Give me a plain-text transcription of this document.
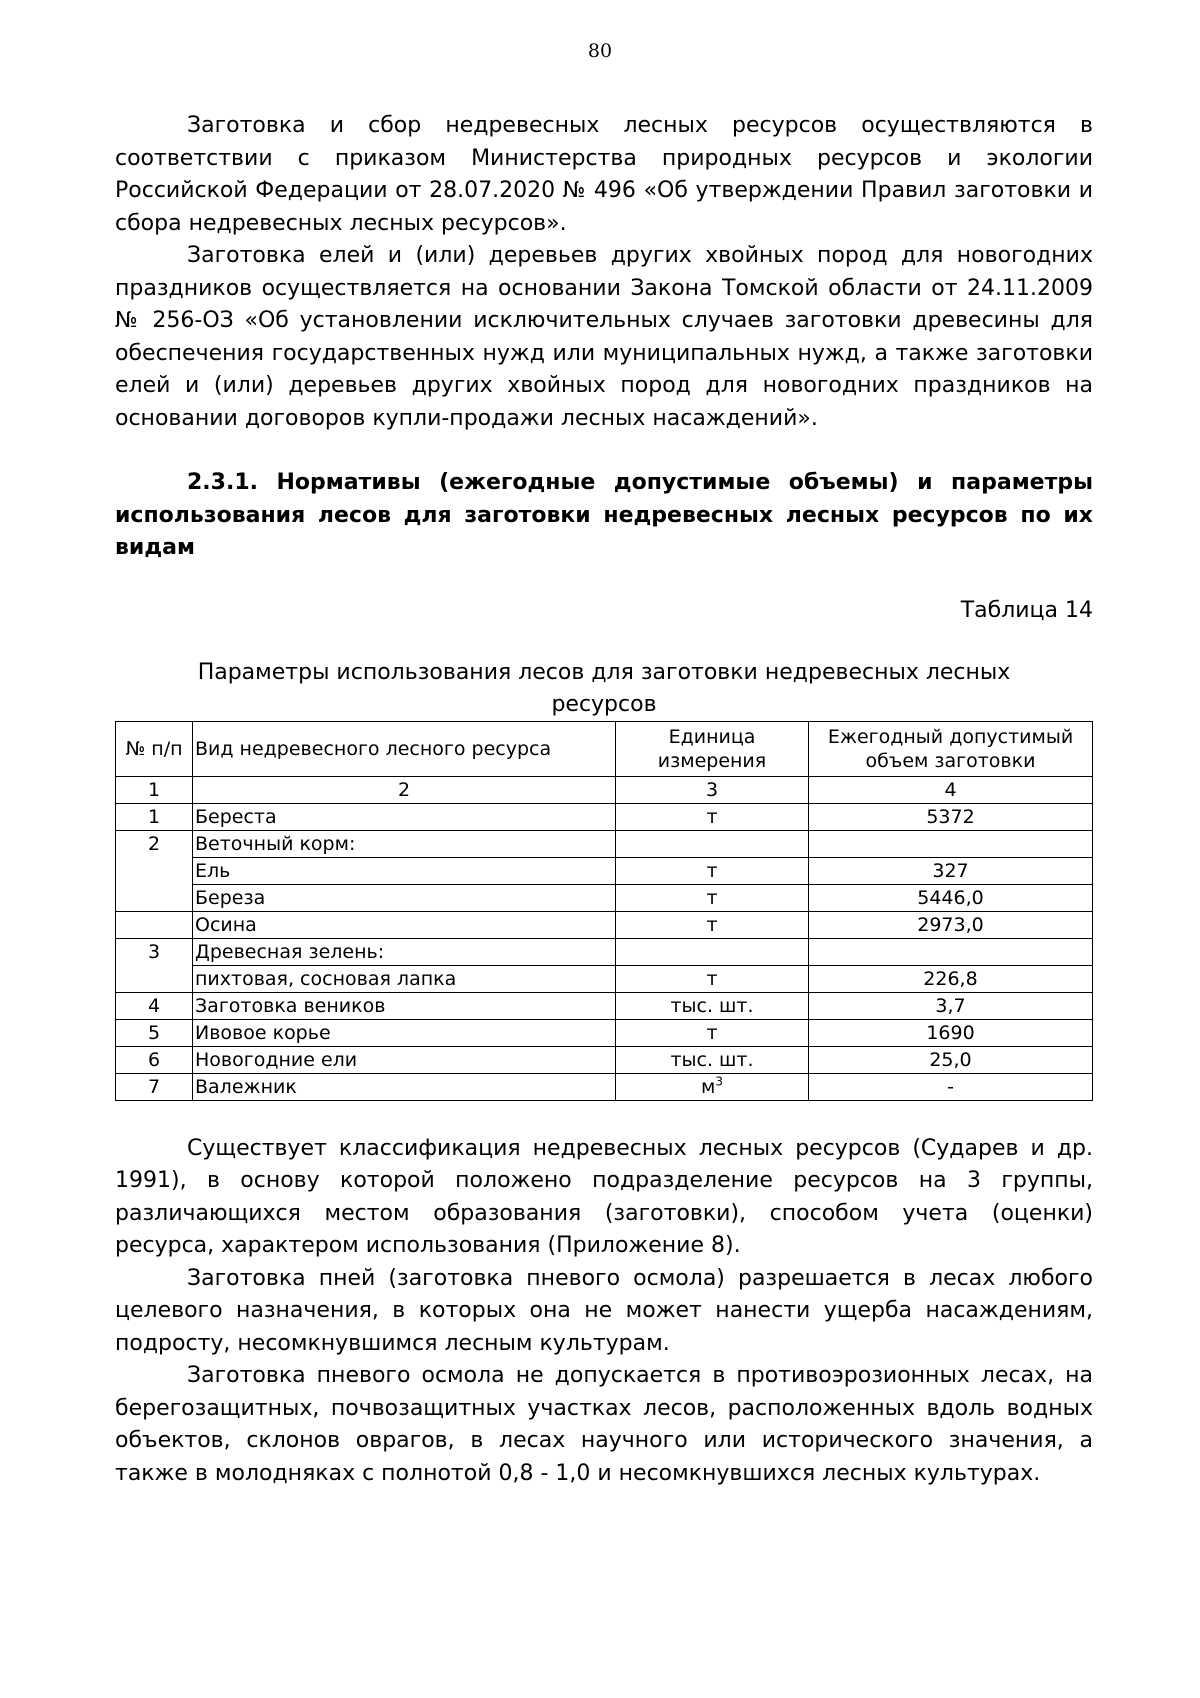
80

Заготовка и сбор недревесных лесных ресурсов осуществляются в соответствии с приказом Министерства природных ресурсов и экологии Российской Федерации от 28.07.2020 № 496 «Об утверждении Правил заготовки и сбора недревесных лесных ресурсов».

Заготовка елей и (или) деревьев других хвойных пород для новогодних праздников осуществляется на основании Закона Томской области от 24.11.2009 № 256-ОЗ «Об установлении исключительных случаев заготовки древесины для обеспечения государственных нужд или муниципальных нужд, а также заготовки елей и (или) деревьев других хвойных пород для новогодних праздников на основании договоров купли-продажи лесных насаждений».

2.3.1. Нормативы (ежегодные допустимые объемы) и параметры использования лесов для заготовки недревесных лесных ресурсов по их видам

Таблица 14

Параметры использования лесов для заготовки недревесных лесных ресурсов

№ п/п	Вид недревесного лесного ресурса	Единица измерения	Ежегодный допустимый объем заготовки
1	2	3	4
1	Береста	т	5372
2	Веточный корм:		
	Ель	т	327
	Береза	т	5446,0
	Осина	т	2973,0
3	Древесная зелень:		
	пихтовая, сосновая лапка	т	226,8
4	Заготовка веников	тыс. шт.	3,7
5	Ивовое корье	т	1690
6	Новогодние ели	тыс. шт.	25,0
7	Валежник	$м^3$	-

Существует классификация недревесных лесных ресурсов (Сударев и др. 1991), в основу которой положено подразделение ресурсов на 3 группы, различающихся местом образования (заготовки), способом учета (оценки) ресурса, характером использования (Приложение 8).

Заготовка пней (заготовка пневого осмола) разрешается в лесах любого целевого назначения, в которых она не может нанести ущерба насаждениям, подросту, несомкнувшимся лесным культурам.

Заготовка пневого осмола не допускается в противоэрозионных лесах, на берегозащитных, почвозащитных участках лесов, расположенных вдоль водных объектов, склонов оврагов, в лесах научного или исторического значения, а также в молодняках с полнотой 0,8 - 1,0 и несомкнувшихся лесных культурах.
